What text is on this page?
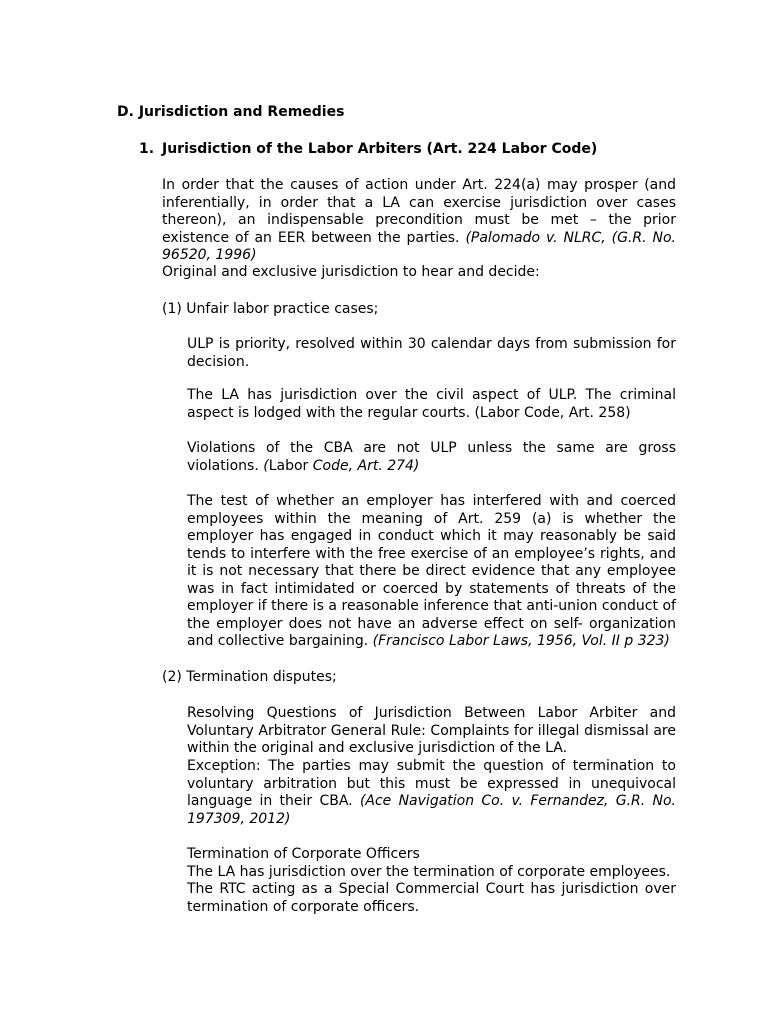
D. Jurisdiction and Remedies
1. Jurisdiction of the Labor Arbiters (Art. 224 Labor Code)
In order that the causes of action under Art. 224(a) may prosper (and inferentially, in order that a LA can exercise jurisdiction over cases thereon), an indispensable precondition must be met – the prior existence of an EER between the parties. (Palomado v. NLRC, (G.R. No. 96520, 1996)
Original and exclusive jurisdiction to hear and decide:
(1) Unfair labor practice cases;
ULP is priority, resolved within 30 calendar days from submission for decision.
The LA has jurisdiction over the civil aspect of ULP. The criminal aspect is lodged with the regular courts. (Labor Code, Art. 258)
Violations of the CBA are not ULP unless the same are gross violations. (Labor Code, Art. 274)
The test of whether an employer has interfered with and coerced employees within the meaning of Art. 259 (a) is whether the employer has engaged in conduct which it may reasonably be said tends to interfere with the free exercise of an employee’s rights, and it is not necessary that there be direct evidence that any employee was in fact intimidated or coerced by statements of threats of the employer if there is a reasonable inference that anti-union conduct of the employer does not have an adverse effect on self- organization and collective bargaining. (Francisco Labor Laws, 1956, Vol. II p 323)
(2) Termination disputes;
Resolving Questions of Jurisdiction Between Labor Arbiter and Voluntary Arbitrator General Rule: Complaints for illegal dismissal are within the original and exclusive jurisdiction of the LA.
Exception: The parties may submit the question of termination to voluntary arbitration but this must be expressed in unequivocal language in their CBA. (Ace Navigation Co. v. Fernandez, G.R. No. 197309, 2012)
Termination of Corporate Officers
The LA has jurisdiction over the termination of corporate employees.
The RTC acting as a Special Commercial Court has jurisdiction over termination of corporate officers.
